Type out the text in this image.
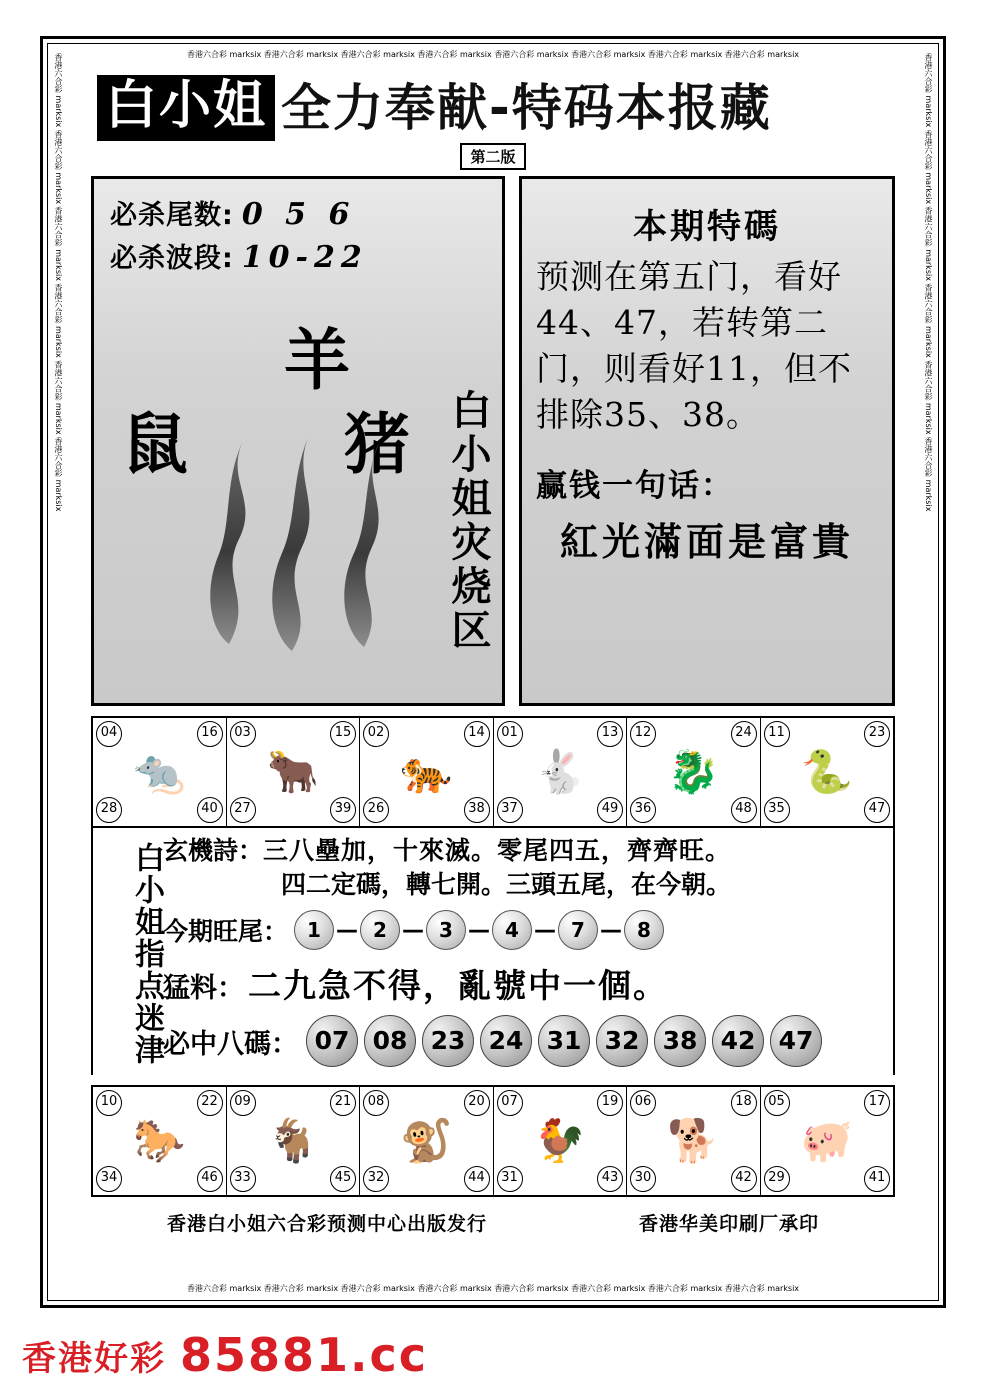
香港六合彩 marksix 香港六合彩 marksix 香港六合彩 marksix 香港六合彩 marksix 香港六合彩 marksix 香港六合彩 marksix 香港六合彩 marksix 香港六合彩 marksix
香港六合彩 marksix 香港六合彩 marksix 香港六合彩 marksix 香港六合彩 marksix 香港六合彩 marksix 香港六合彩 marksix 香港六合彩 marksix 香港六合彩 marksix
香港六合彩 marksix 香港六合彩 marksix 香港六合彩 marksix 香港六合彩 marksix 香港六合彩 marksix 香港六合彩 marksix	香港六合彩 marksix 香港六合彩 marksix 香港六合彩 marksix 香港六合彩 marksix 香港六合彩 marksix 香港六合彩 marksix
白小姐 全力奉献-特码本报藏
第二版
必杀尾数: 0 5 6
必杀波段: 10-22
羊
鼠 猪 白小姐灾烧区
本期特碼
预测在第五门，看好44、47，若转第二门，则看好11，但不排除35、38。
赢钱一句话：
紅光滿面是富貴
04	16
28	40
🐀
03	15
27	39
🐂
02	14
26	38
🐅
01	13
37	49
🐇
12	24
36	48
🐉
11	23
35	47
🐍
白小姐指点迷津 玄機詩： 三八壘加，十來滅。零尾四五，齊齊旺。
四二定碼，轉七開。三頭五尾，在今朝。
今期旺尾： 1 — 2 — 3 — 4 — 7 — 8
猛料： 二九急不得，亂號中一個。
必中八碼： 07 08 23 24 31 32 38 42 47
10	22
34	46
🐎
09	21
33	45
🐐
08	20
32	44
🐒
07	19
31	43
🐓
06	18
30	42
🐕
05	17
29	41
🐖
香港白小姐六合彩预测中心出版发行	香港华美印刷厂承印
香港好彩 85881.cc
